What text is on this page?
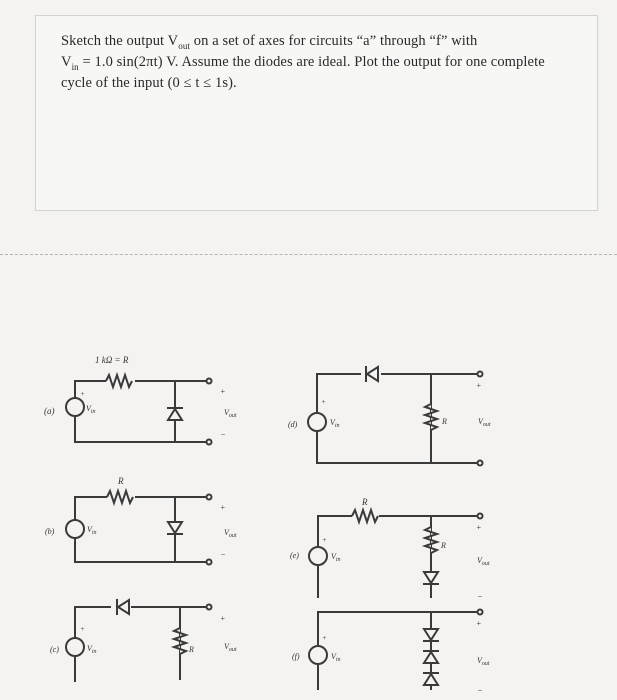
Sketch the output $V_{out}$ on a set of axes for circuits “a” through “f” with
$V_{in} = 1.0$ sin(2πt) V. Assume the diodes are ideal. Plot the output for one complete
cycle of the input (0 ≤ t ≤ 1s).
(a)
1 kΩ = R
$V_{in}$
+
$V_{out}$
+
–
(b)
R
$V_{in}$	$V_{out}$
+
–
(c)	R
$V_{in}$
+
$V_{out}$
+
(d)	R
$V_{in}$
+
$V_{out}$
+
(e)
R
R
$V_{in}$
+
$V_{out}$
+
–
(f)	$V_{in}$
+
$V_{out}$
+
–
